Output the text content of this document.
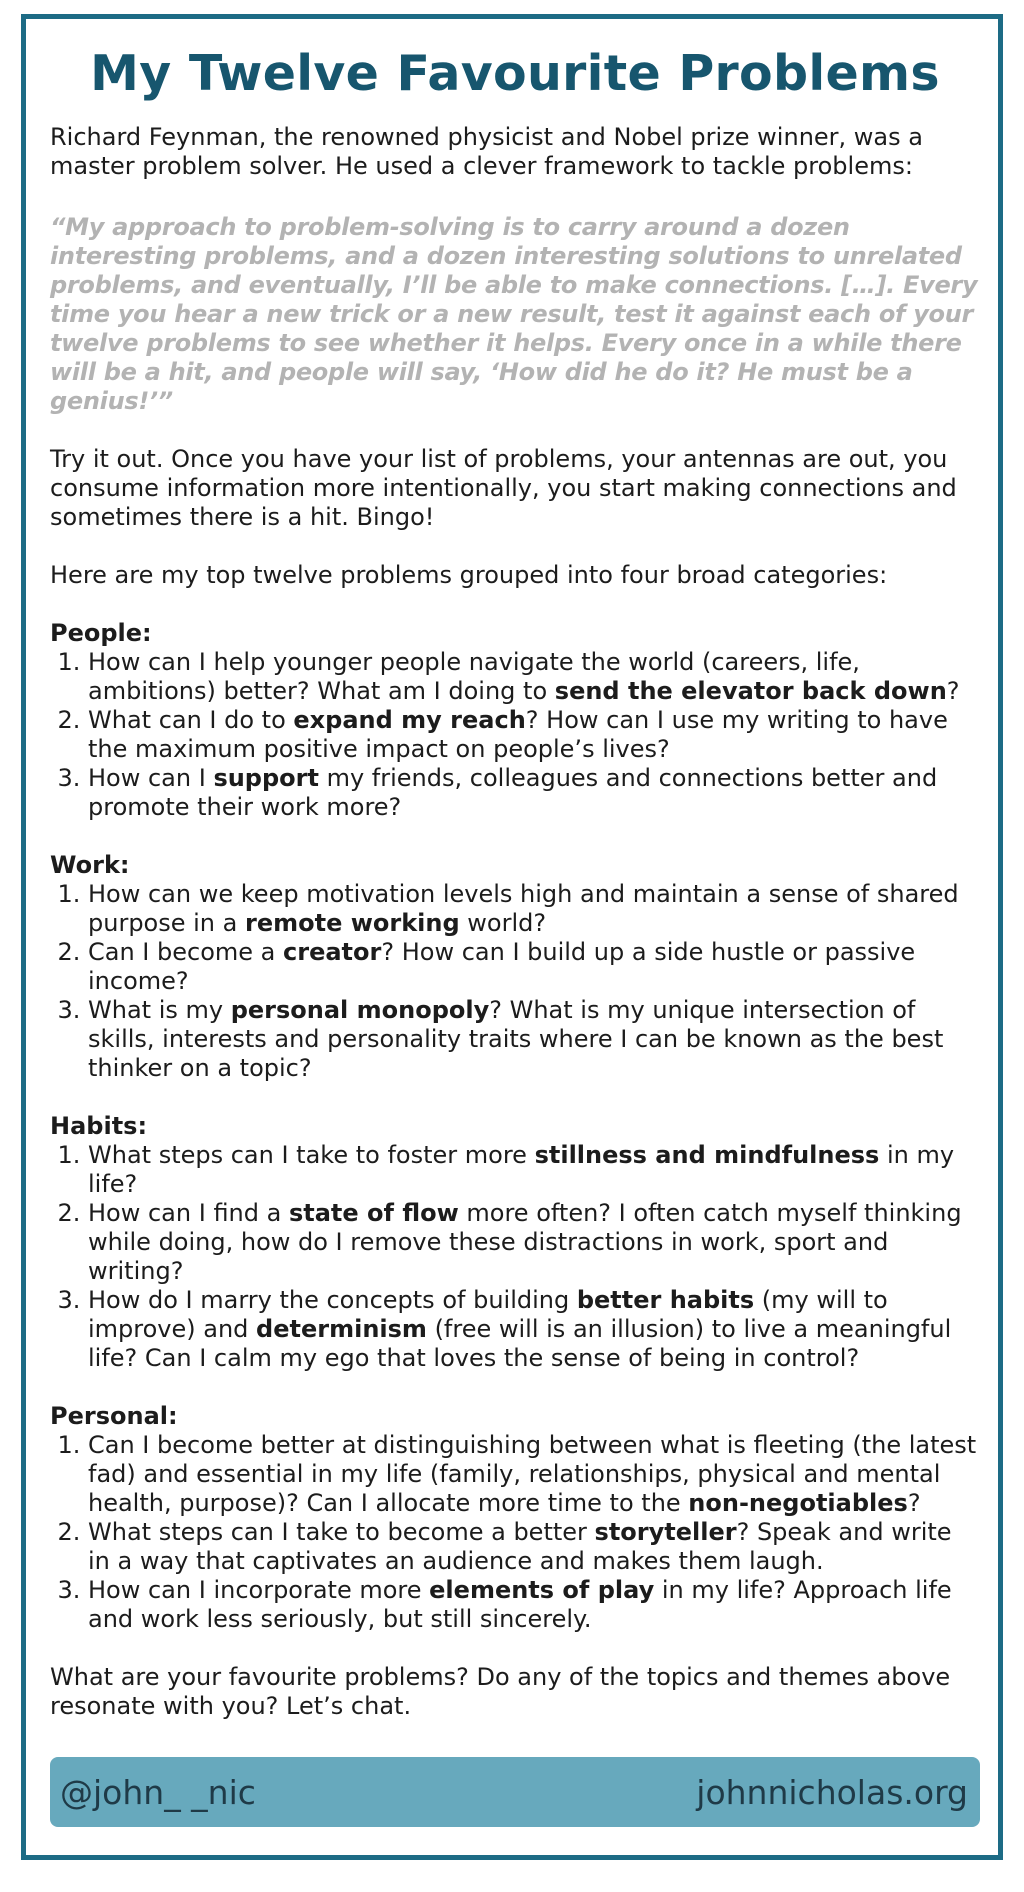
My Twelve Favourite Problems

Richard Feynman, the renowned physicist and Nobel prize winner, was a master problem solver. He used a clever framework to tackle problems:

“My approach to problem-solving is to carry around a dozen interesting problems, and a dozen interesting solutions to unrelated problems, and eventually, I’ll be able to make connections. […]. Every time you hear a new trick or a new result, test it against each of your twelve problems to see whether it helps. Every once in a while there will be a hit, and people will say, ‘How did he do it? He must be a genius!’”

Try it out. Once you have your list of problems, your antennas are out, you consume information more intentionally, you start making connections and sometimes there is a hit. Bingo!

Here are my top twelve problems grouped into four broad categories:

People:
1. How can I help younger people navigate the world (careers, life, ambitions) better? What am I doing to send the elevator back down?
2. What can I do to expand my reach? How can I use my writing to have the maximum positive impact on people’s lives?
3. How can I support my friends, colleagues and connections better and promote their work more?
Work:
1. How can we keep motivation levels high and maintain a sense of shared purpose in a remote working world?
2. Can I become a creator? How can I build up a side hustle or passive income?
3. What is my personal monopoly? What is my unique intersection of skills, interests and personality traits where I can be known as the best thinker on a topic?
Habits:
1. What steps can I take to foster more stillness and mindfulness in my life?
2. How can I find a state of flow more often? I often catch myself thinking while doing, how do I remove these distractions in work, sport and writing?
3. How do I marry the concepts of building better habits (my will to improve) and determinism (free will is an illusion) to live a meaningful life? Can I calm my ego that loves the sense of being in control?
Personal:
1. Can I become better at distinguishing between what is fleeting (the latest fad) and essential in my life (family, relationships, physical and mental health, purpose)? Can I allocate more time to the non-negotiables?
2. What steps can I take to become a better storyteller? Speak and write in a way that captivates an audience and makes them laugh.
3. How can I incorporate more elements of play in my life? Approach life and work less seriously, but still sincerely.

What are your favourite problems? Do any of the topics and themes above resonate with you? Let’s chat.

@john_ _nic	johnnicholas.org
